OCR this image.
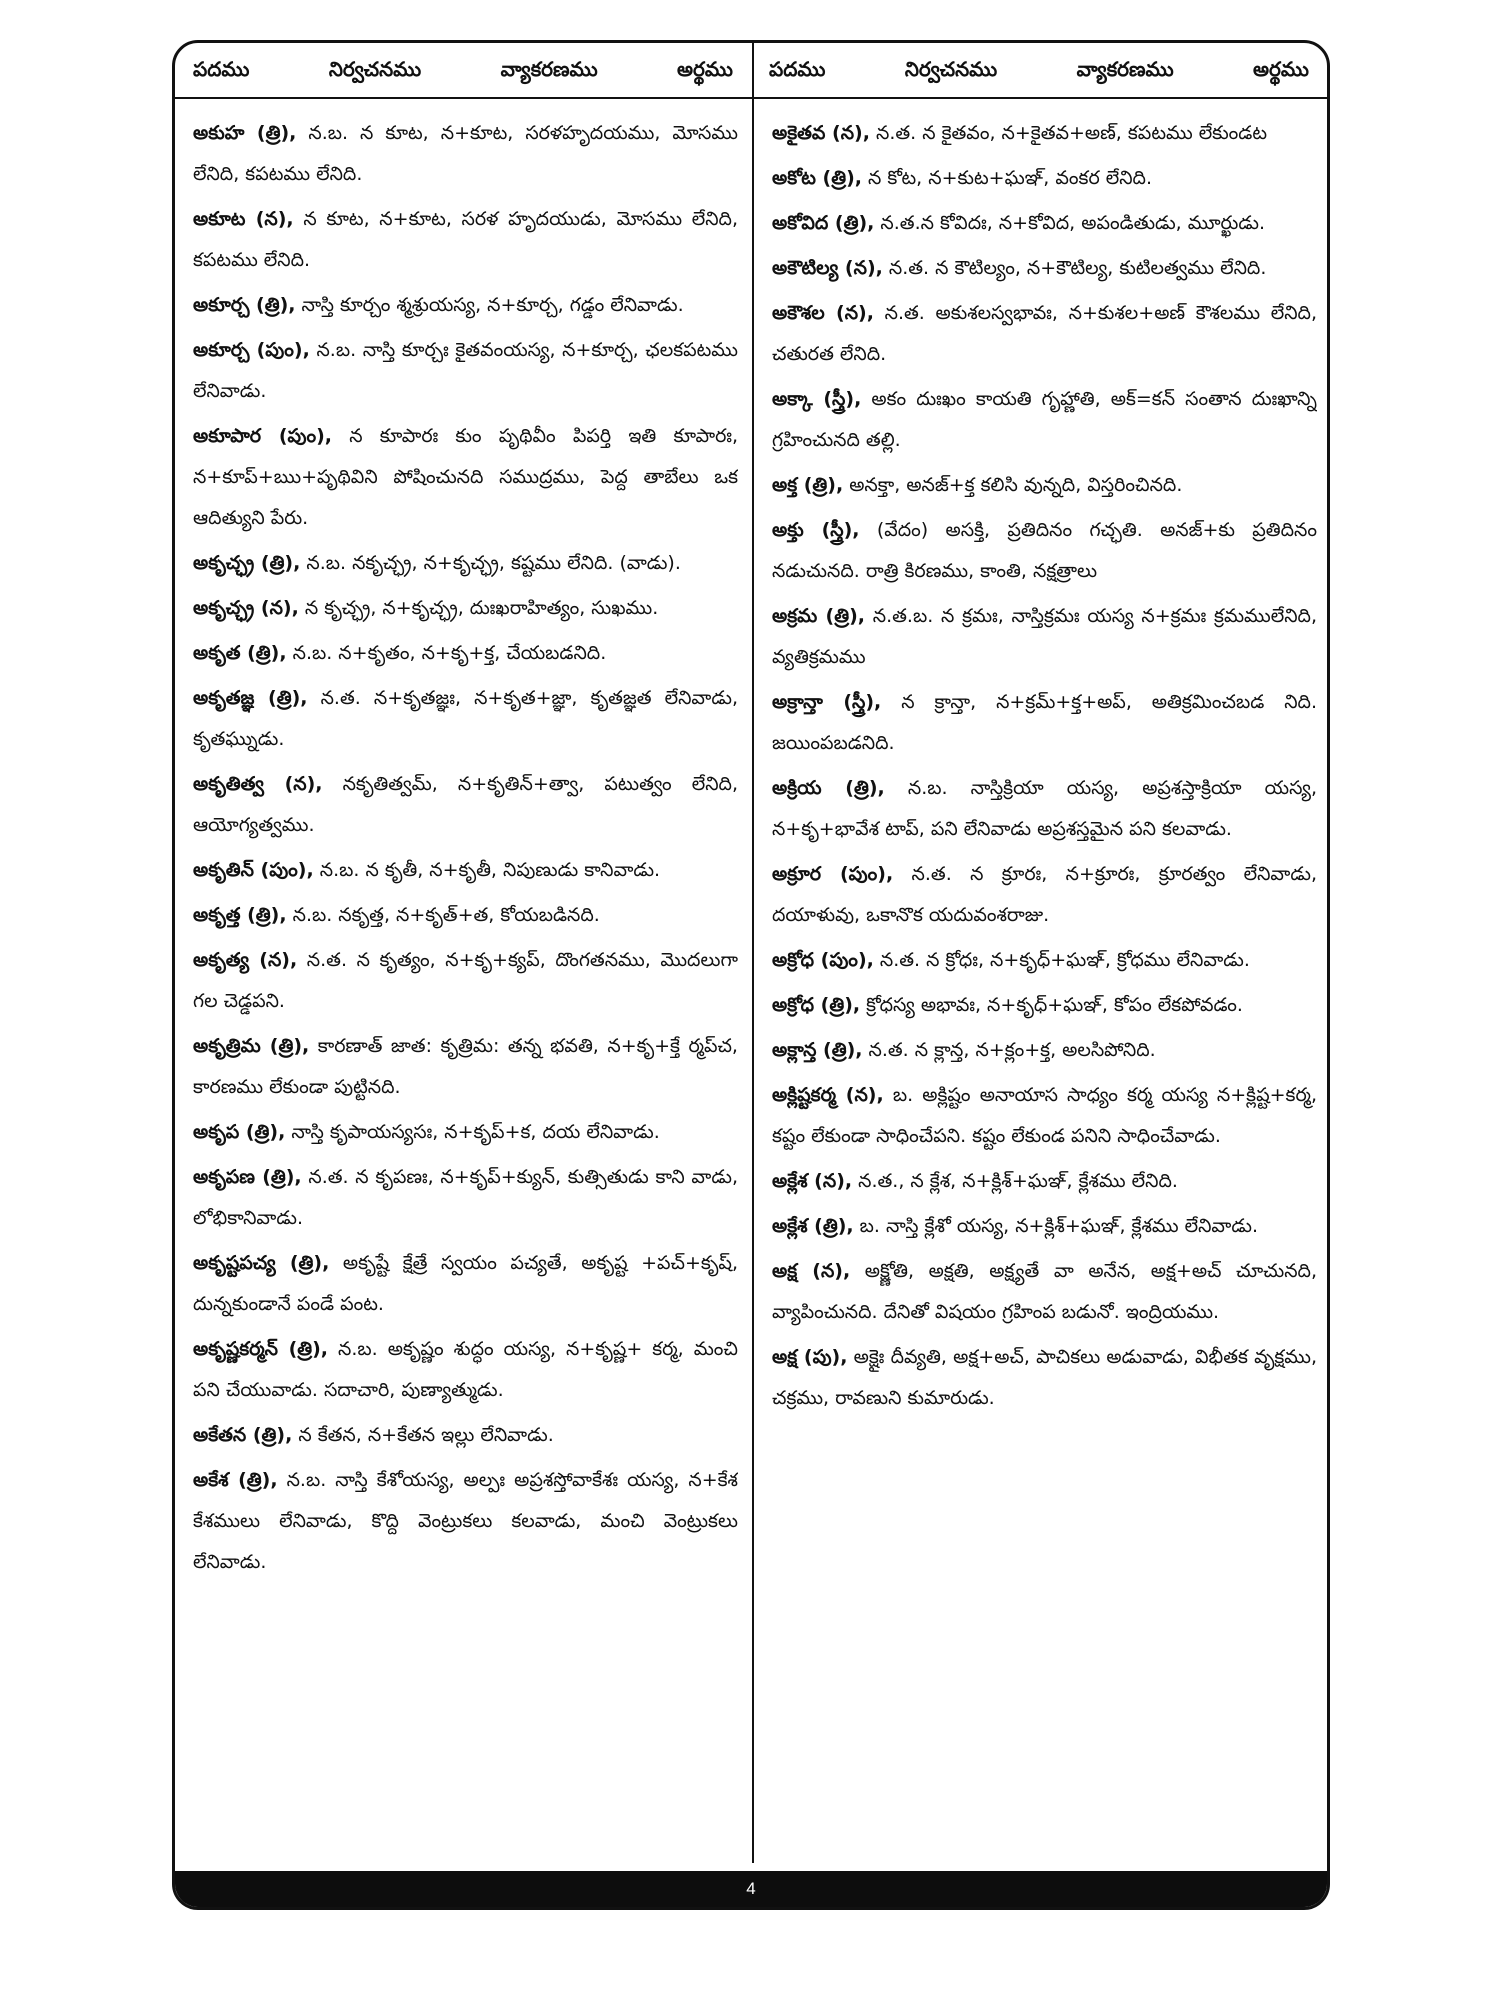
పదము	నిర్వచనము	వ్యాకరణము	అర్థము పదము	నిర్వచనము	వ్యాకరణము	అర్థము

అకుహ (త్రి), న.బ. న కూట, న+కూట, సరళహృదయము, మోసము లేనిది, కపటము లేనిది.

అకూట (న), న కూట, న+కూట, సరళ హృదయుడు, మోసము లేనిది, కపటము లేనిది.

అకూర్చ (త్రి), నాస్తి కూర్చం శ్మశ్రుయస్య, న+కూర్చ, గడ్డం లేనివాడు.

అకూర్చ (పుం), న.బ. నాస్తి కూర్చః కైతవంయస్య, న+కూర్చ, ఛలకపటము లేనివాడు.

అకూపార (పుం), న కూపారః కుం పృథివీం పిపర్తి ఇతి కూపారః, న+కూప్+ఋ+పృథివిని పోషించునది సముద్రము, పెద్ద తాబేలు ఒక ఆదిత్యుని పేరు.

అకృచ్ఛ్ర (త్రి), న.బ. నకృచ్ఛ్ర, న+కృచ్ఛ్ర, కష్టము లేనిది. (వాడు).

అకృచ్ఛ్ర (న), న కృచ్ఛ్ర, న+కృచ్ఛ్ర, దుఃఖరాహిత్యం, సుఖము.

అకృత (త్రి), న.బ. న+కృతం, న+కృ+క్త, చేయబడనిది.

అకృతజ్ఞ (త్రి), న.త. న+కృతజ్ఞః, న+కృత+జ్ఞా, కృతజ్ఞత లేనివాడు, కృతఘ్నుడు.

అకృతిత్వ (న), నకృతిత్వమ్, న+కృతిన్+త్వా, పటుత్వం లేనిది, ఆయోగ్యత్వము.

అకృతిన్ (పుం), న.బ. న కృతీ, న+కృతీ, నిపుణుడు కానివాడు.

అకృత్త (త్రి), న.బ. నకృత్త, న+కృత్+త, కోయబడినది.

అకృత్య (న), న.త. న కృత్యం, న+కృ+క్యప్, దొంగతనము, మొదలుగా గల చెడ్డపని.

అకృత్రిమ (త్రి), కారణాత్ జాత: కృత్రిమ: తన్న భవతి, న+కృ+క్తే ర్మప్‌చ, కారణము లేకుండా పుట్టినది.

అకృప (త్రి), నాస్తి కృపాయస్యసః, న+కృప్+క, దయ లేనివాడు.

అకృపణ (త్రి), న.త. న కృపణః, న+కృప్+క్యున్, కుత్సితుడు కాని వాడు, లోభికానివాడు.

అకృష్టపచ్య (త్రి), అకృష్టే క్షేత్రే స్వయం పచ్యతే, అకృష్ట +పచ్+కృష్, దున్నకుండానే పండే పంట.

అకృష్ణకర్మన్ (త్రి), న.బ. అకృష్ణం శుద్ధం యస్య, న+కృష్ణ+ కర్మ, మంచి పని చేయువాడు. సదాచారి, పుణ్యాత్ముడు.

అకేతన (త్రి), న కేతన, న+కేతన ఇల్లు లేనివాడు.

అకేశ (త్రి), న.బ. నాస్తి కేశోయస్య, అల్పః అప్రశస్తోవాకేశః యస్య, న+కేశ కేశములు లేనివాడు, కొద్ది వెంట్రుకలు కలవాడు, మంచి వెంట్రుకలు లేనివాడు.

అకైతవ (న), న.త. న కైతవం, న+కైతవ+అణ్, కపటము లేకుండట

అకోట (త్రి), న కోట, న+కుట+ఘఞ్, వంకర లేనిది.

అకోవిద (త్రి), న.త.న కోవిదః, న+కోవిద, అపండితుడు, మూర్ఖుడు.

అకౌటిల్య (న), న.త. న కౌటిల్యం, న+కౌటిల్య, కుటిలత్వము లేనిది.

అకౌశల (న), న.త. అకుశలస్వభావః, న+కుశల+అణ్ కౌశలము లేనిది, చతురత లేనిది.

అక్కా (స్త్రీ), అకం దుఃఖం కాయతి గృహ్ణాతి, అక్=కన్ సంతాన దుఃఖాన్ని గ్రహించునది తల్లి.

అక్త (త్రి), అనక్తా, అనజ్+క్త కలిసి వున్నది, విస్తరించినది.

అక్తు (స్త్రీ), (వేదం) అసక్తి, ప్రతిదినం గచ్ఛతి. అనజ్+కు ప్రతిదినం నడుచునది. రాత్రి కిరణము, కాంతి, నక్షత్రాలు

అక్రమ (త్రి), న.త.బ. న క్రమః, నాస్తిక్రమః యస్య న+క్రమః క్రమములేనిది, వ్యతిక్రమము

అక్రాన్తా (స్త్రీ), న క్రాన్తా, న+క్రమ్+క్త+అప్, అతిక్రమించబడ నిది. జయింపబడనిది.

అక్రియ (త్రి), న.బ. నాస్తిక్రియా యస్య, అప్రశస్తాక్రియా యస్య, న+కృ+భావేశ టాప్, పని లేనివాడు అప్రశస్తమైన పని కలవాడు.

అక్రూర (పుం), న.త. న క్రూరః, న+క్రూరః, క్రూరత్వం లేనివాడు, దయాళువు, ఒకానొక యదువంశరాజు.

అక్రోధ (పుం), న.త. న క్రోధః, న+కృధ్+ఘఞ్, క్రోధము లేనివాడు.

అక్రోధ (త్రి), క్రోధస్య అభావః, న+కృధ్+ఘఞ్, కోపం లేకపోవడం.

అక్లాన్త (త్రి), న.త. న క్లాన్త, న+క్లం+క్త, అలసిపోనిది.

అక్లిష్టకర్మ (న), బ. అక్లిష్టం అనాయాస సాధ్యం కర్మ యస్య న+క్లిష్ట+కర్మ, కష్టం లేకుండా సాధించేపని. కష్టం లేకుండ పనిని సాధించేవాడు.

అక్లేశ (న), న.త., న క్లేశ, న+క్లిశ్+ఘఞ్, క్లేశము లేనిది.

అక్లేశ (త్రి), బ. నాస్తి క్లేశో యస్య, న+క్లిశ్+ఘఞ్, క్లేశము లేనివాడు.

అక్ష (న), అక్ష్ణోతి, అక్షతి, అక్ష్యతే వా అనేన, అక్ష+అచ్ చూచునది, వ్యాపించునది. దేనితో విషయం గ్రహింప బడునో. ఇంద్రియము.

అక్ష (పు), అక్షైః దీవ్యతి, అక్ష+అచ్, పాచికలు అడువాడు, విభీతక వృక్షము, చక్రము, రావణుని కుమారుడు.

4
